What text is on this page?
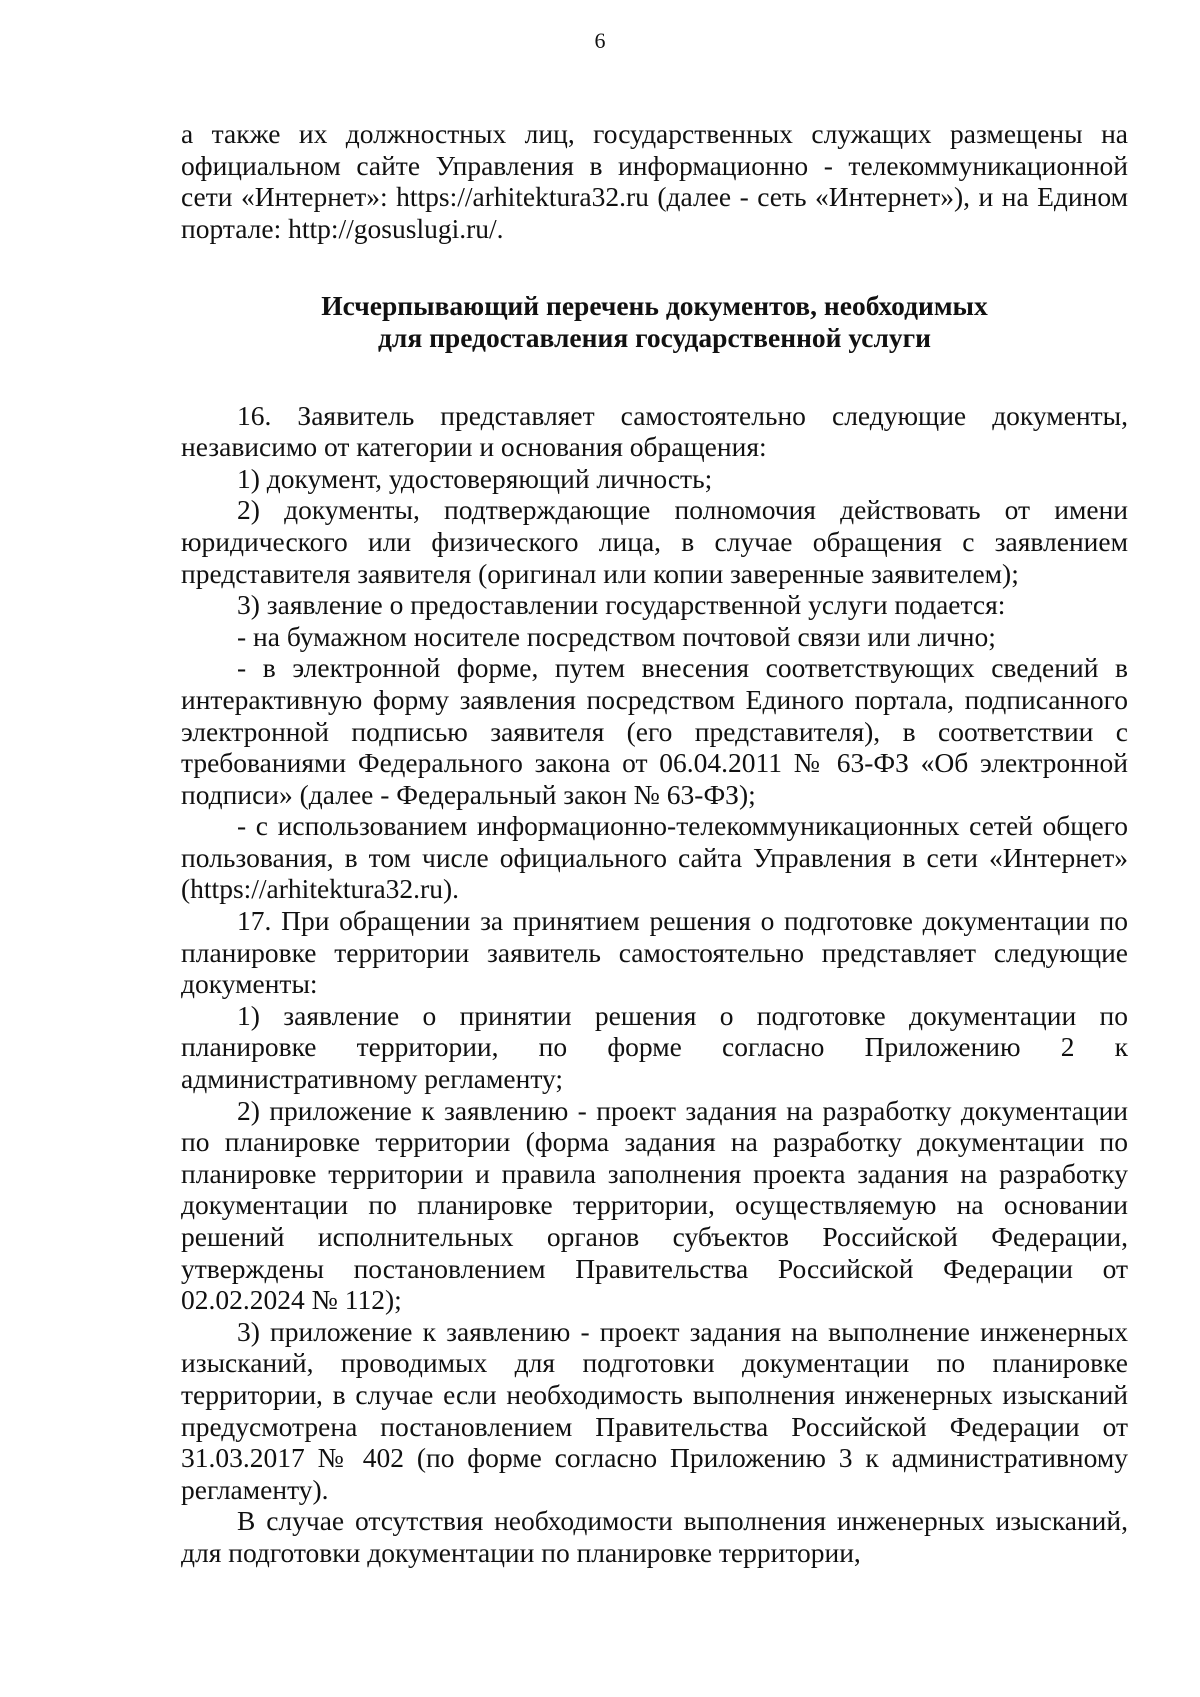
6

а также их должностных лиц, государственных служащих размещены на официальном сайте Управления в информационно - телекоммуникационной сети «Интернет»: https://arhitektura32.ru (далее - сеть «Интернет»), и на Едином портале: http://gosuslugi.ru/.

Исчерпывающий перечень документов, необходимых
для предоставления государственной услуги

16. Заявитель представляет самостоятельно следующие документы, независимо от категории и основания обращения:

1) документ, удостоверяющий личность;

2) документы, подтверждающие полномочия действовать от имени юридического или физического лица, в случае обращения с заявлением представителя заявителя (оригинал или копии заверенные заявителем);

3) заявление о предоставлении государственной услуги подается:

- на бумажном носителе посредством почтовой связи или лично;

- в электронной форме, путем внесения соответствующих сведений в интерактивную форму заявления посредством Единого портала, подписанного электронной подписью заявителя (его представителя), в соответствии с требованиями Федерального закона от 06.04.2011 № 63-ФЗ «Об электронной подписи» (далее - Федеральный закон № 63-ФЗ);

- с использованием информационно-телекоммуникационных сетей общего пользования, в том числе официального сайта Управления в сети «Интернет» (https://arhitektura32.ru).

17. При обращении за принятием решения о подготовке документации по планировке территории заявитель самостоятельно представляет следующие документы:

1) заявление о принятии решения о подготовке документации по планировке территории, по форме согласно Приложению 2 к административному регламенту;

2) приложение к заявлению - проект задания на разработку документации по планировке территории (форма задания на разработку документации по планировке территории и правила заполнения проекта задания на разработку документации по планировке территории, осуществляемую на основании решений исполнительных органов субъектов Российской Федерации, утверждены постановлением Правительства Российской Федерации от 02.02.2024 № 112);

3) приложение к заявлению - проект задания на выполнение инженерных изысканий, проводимых для подготовки документации по планировке территории, в случае если необходимость выполнения инженерных изысканий предусмотрена постановлением Правительства Российской Федерации от 31.03.2017 № 402 (по форме согласно Приложению 3 к административному регламенту).

В случае отсутствия необходимости выполнения инженерных изысканий, для подготовки документации по планировке территории,
